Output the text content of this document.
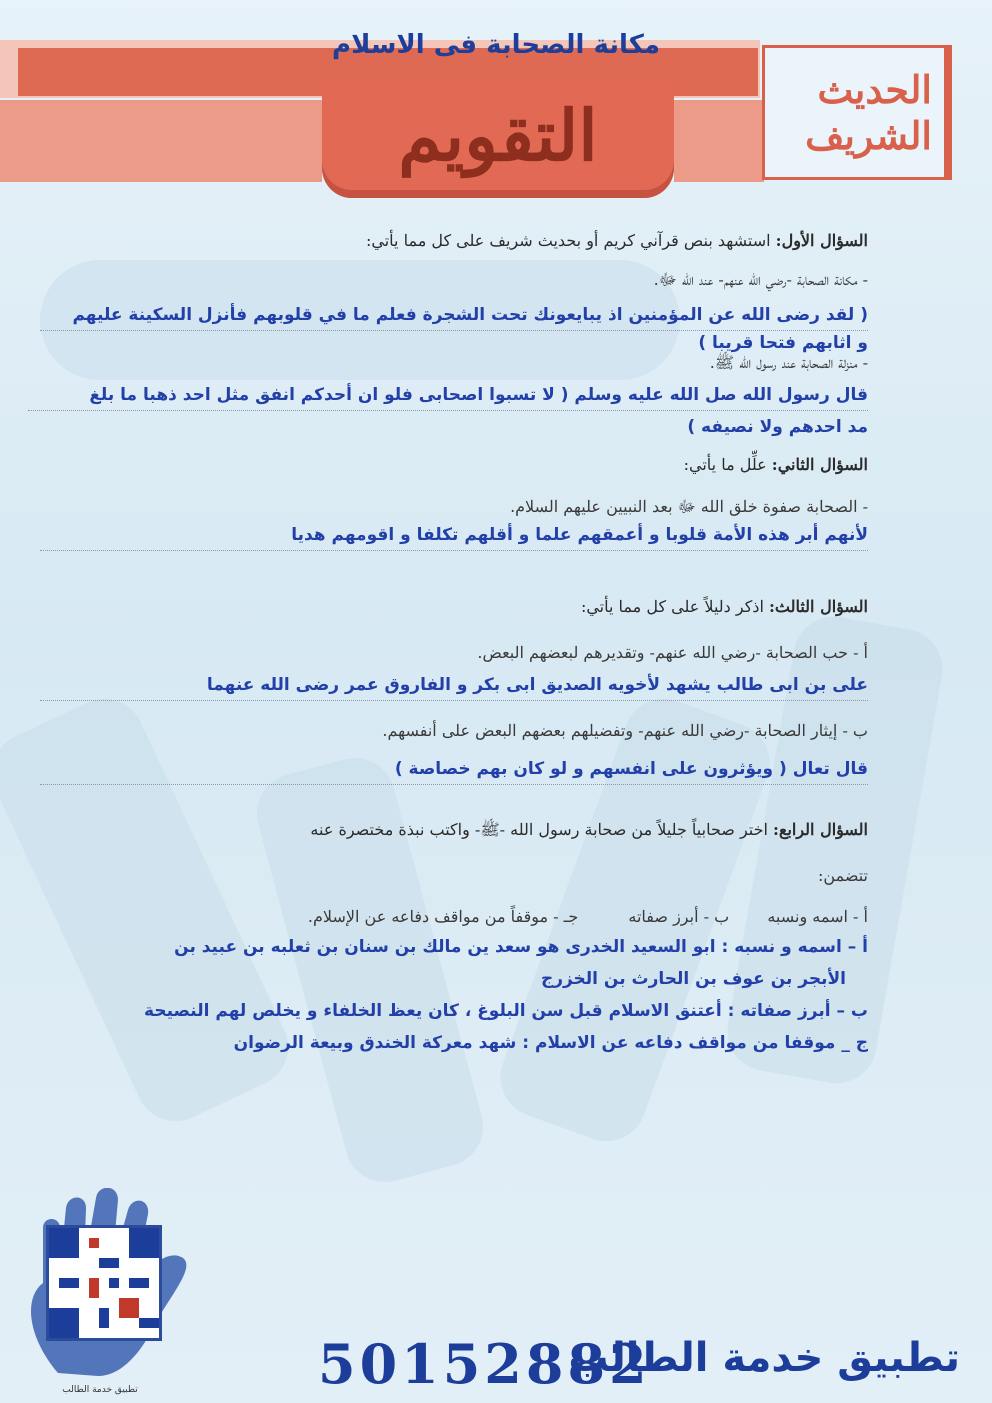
مكانة الصحابة فى الاسلام
التقويم
الحديث
الشريف

السؤال الأول: استشهد بنص قرآني كريم أو بحديث شريف على كل مما يأتي:

- مكانة الصحابة -رضي الله عنهم- عند الله ﷻ.
( لقد رضى الله عن المؤمنين اذ يبايعونك تحت الشجرة فعلم ما في قلوبهم فأنزل السكينة عليهم
و اثابهم فتحا قريبا )
- منزلة الصحابة عند رسول الله ﷺ.
قال رسول الله صل الله عليه وسلم ( لا تسبوا اصحابى فلو ان أحدكم انفق مثل احد ذهبا ما بلغ
مد احدهم ولا نصيفه )

السؤال الثاني: علِّل ما يأتي:

- الصحابة صفوة خلق الله ﷻ بعد النبيين عليهم السلام.
لأنهم أبر هذه الأمة قلوبا و أعمقهم علما و أقلهم تكلفا و اقومهم هديا

السؤال الثالث: اذكر دليلاً على كل مما يأتي:

أ - حب الصحابة -رضي الله عنهم- وتقديرهم لبعضهم البعض.
على بن ابى طالب يشهد لأخويه الصديق ابى بكر و الفاروق عمر رضى الله عنهما
ب - إيثار الصحابة -رضي الله عنهم- وتفضيلهم بعضهم البعض على أنفسهم.
قال تعال ( ويؤثرون على انفسهم و لو كان بهم خصاصة )

السؤال الرابع: اختر صحابياً جليلاً من صحابة رسول الله -ﷺ- واكتب نبذة مختصرة عنه

تتضمن:
أ - اسمه ونسبه  ب - أبرز صفاته  جـ - موقفاً من مواقف دفاعه عن الإسلام.
أ – اسمه و نسبه : ابو السعيد الخدرى هو سعد ين مالك بن سنان بن ثعلبه بن عبيد بن
الأبجر بن عوف بن الحارث بن الخزرج
ب – أبرز صفاته : أعتنق الاسلام قبل سن البلوغ ، كان يعظ الخلفاء و يخلص لهم النصيحة
ج _ موقفا من مواقف دفاعه عن الاسلام : شهد معركة الخندق وبيعة الرضوان
تطبيق خدمة الطالب	50152882
تطبيق خدمة الطالب
